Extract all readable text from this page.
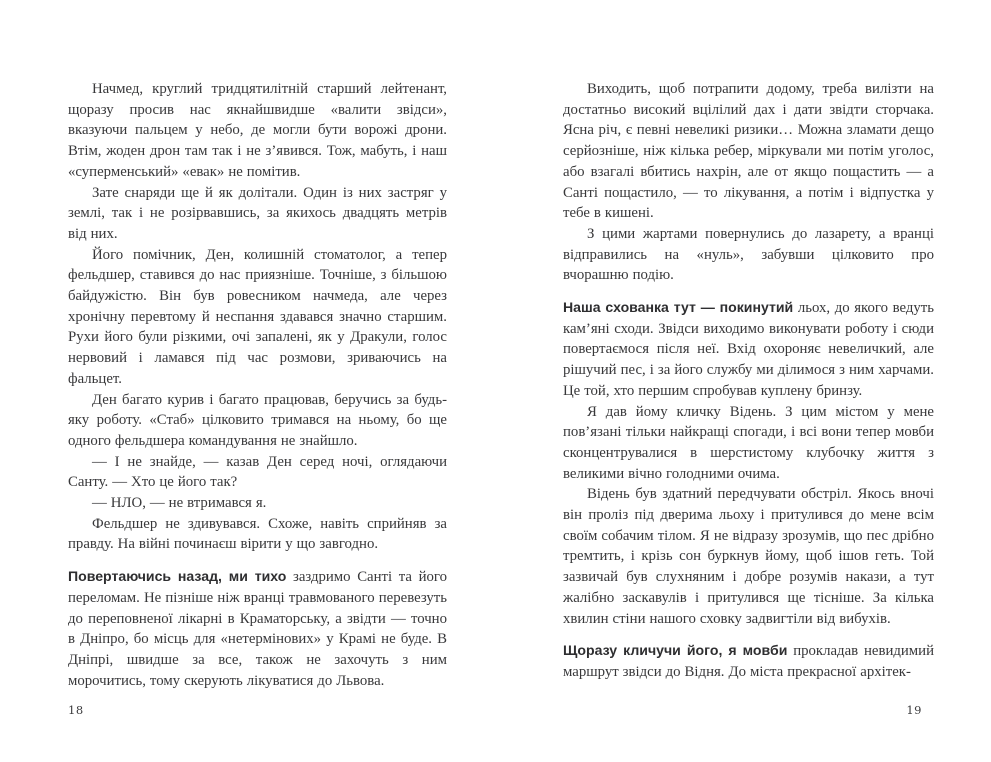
Начмед, круглий тридцятилітній старший лейтенант, щоразу просив нас якнайшвидше «валити звідси», вказуючи пальцем у небо, де могли бути ворожі дрони. Втім, жоден дрон там так і не з’явився. Тож, мабуть, і наш «суперменський» «евак» не помітив.

Зате снаряди ще й як долітали. Один із них застряг у землі, так і не розірвавшись, за якихось двадцять метрів від них.

Його помічник, Ден, колишній стоматолог, а тепер фельдшер, ставився до нас приязніше. Точніше, з більшою байдужістю. Він був ровесником начмеда, але через хронічну перевтому й неспання здавався значно старшим. Рухи його були різкими, очі запалені, як у Дракули, голос нервовий і ламався під час розмови, зриваючись на фальцет.

Ден багато курив і багато працював, беручись за будь-яку роботу. «Стаб» цілковито тримався на ньому, бо ще одного фельдшера командування не знайшло.

— І не знайде, — казав Ден серед ночі, оглядаючи Санту. — Хто це його так?

— НЛО, — не втримався я.

Фельдшер не здивувався. Схоже, навіть сприйняв за правду. На війні починаєш вірити у що завгодно.

Повертаючись назад, ми тихо заздримо Санті та його переломам. Не пізніше ніж вранці травмованого перевезуть до переповненої лікарні в Краматорську, а звідти — точно в Дніпро, бо місць для «нетермінових» у Крамі не буде. В Дніпрі, швидше за все, також не захочуть з ним морочитись, тому скерують лікуватися до Львова.

18

Виходить, щоб потрапити додому, треба вилізти на достатньо високий вцілілий дах і дати звідти сторчака. Ясна річ, є певні невеликі ризики… Можна зламати дещо серйозніше, ніж кілька ребер, міркували ми потім уголос, або взагалі вбитись нахрін, але от якщо пощастить — а Санті пощастило, — то лікування, а потім і відпустка у тебе в кишені.

З цими жартами повернулись до лазарету, а вранці відправились на «нуль», забувши цілковито про вчорашню подію.

Наша схованка тут — покинутий льох, до якого ведуть кам’яні сходи. Звідси виходимо виконувати роботу і сюди повертаємося після неї. Вхід охороняє невеличкий, але рішучий пес, і за його службу ми ділимося з ним харчами. Це той, хто першим спробував куплену бринзу.

Я дав йому кличку Відень. З цим містом у мене пов’язані тільки найкращі спогади, і всі вони тепер мовби сконцентрувалися в шерстистому клубочку життя з великими вічно голодними очима.

Відень був здатний передчувати обстріл. Якось вночі він проліз під дверима льоху і притулився до мене всім своїм собачим тілом. Я не відразу зрозумів, що пес дрібно тремтить, і крізь сон буркнув йому, щоб ішов геть. Той зазвичай був слухняним і добре розумів накази, а тут жалібно заскавулів і притулився ще тісніше. За кілька хвилин стіни нашого сховку задвигтіли від вибухів.

Щоразу кличучи його, я мовби прокладав невидимий маршрут звідси до Відня. До міста прекрасної архітек-

19
